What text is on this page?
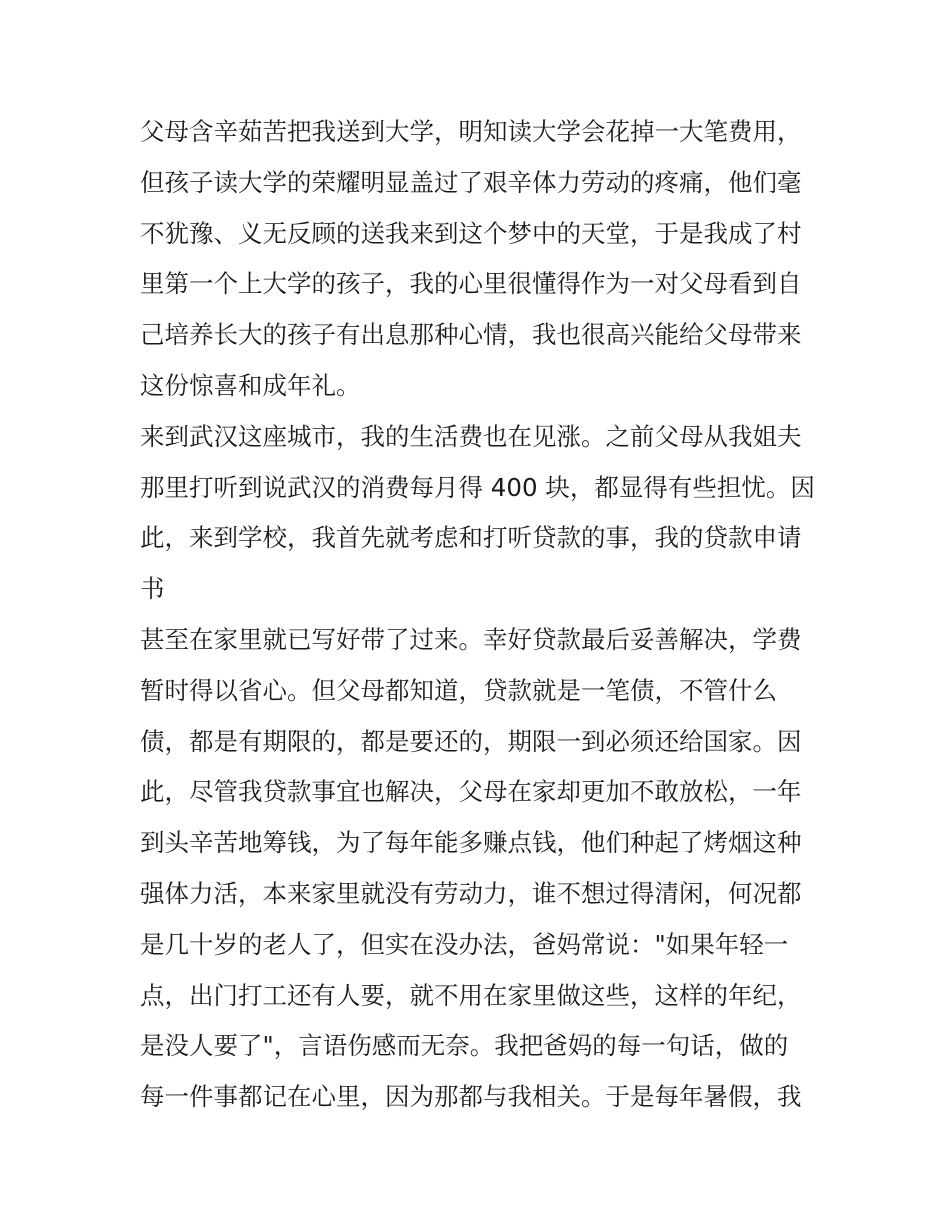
父母含辛茹苦把我送到大学，明知读大学会花掉一大笔费用，
但孩子读大学的荣耀明显盖过了艰辛体力劳动的疼痛，他们毫
不犹豫、义无反顾的送我来到这个梦中的天堂，于是我成了村
里第一个上大学的孩子，我的心里很懂得作为一对父母看到自
己培养长大的孩子有出息那种心情，我也很高兴能给父母带来
这份惊喜和成年礼。
来到武汉这座城市，我的生活费也在见涨。之前父母从我姐夫
那里打听到说武汉的消费每月得 400 块，都显得有些担忧。因
此，来到学校，我首先就考虑和打听贷款的事，我的贷款申请
书
甚至在家里就已写好带了过来。幸好贷款最后妥善解决，学费
暂时得以省心。但父母都知道，贷款就是一笔债，不管什么
债，都是有期限的，都是要还的，期限一到必须还给国家。因
此，尽管我贷款事宜也解决，父母在家却更加不敢放松，一年
到头辛苦地筹钱，为了每年能多赚点钱，他们种起了烤烟这种
强体力活，本来家里就没有劳动力，谁不想过得清闲，何况都
是几十岁的老人了，但实在没办法，爸妈常说："如果年轻一
点，出门打工还有人要，就不用在家里做这些，这样的年纪，
是没人要了"，言语伤感而无奈。我把爸妈的每一句话，做的
每一件事都记在心里，因为那都与我相关。于是每年暑假，我
